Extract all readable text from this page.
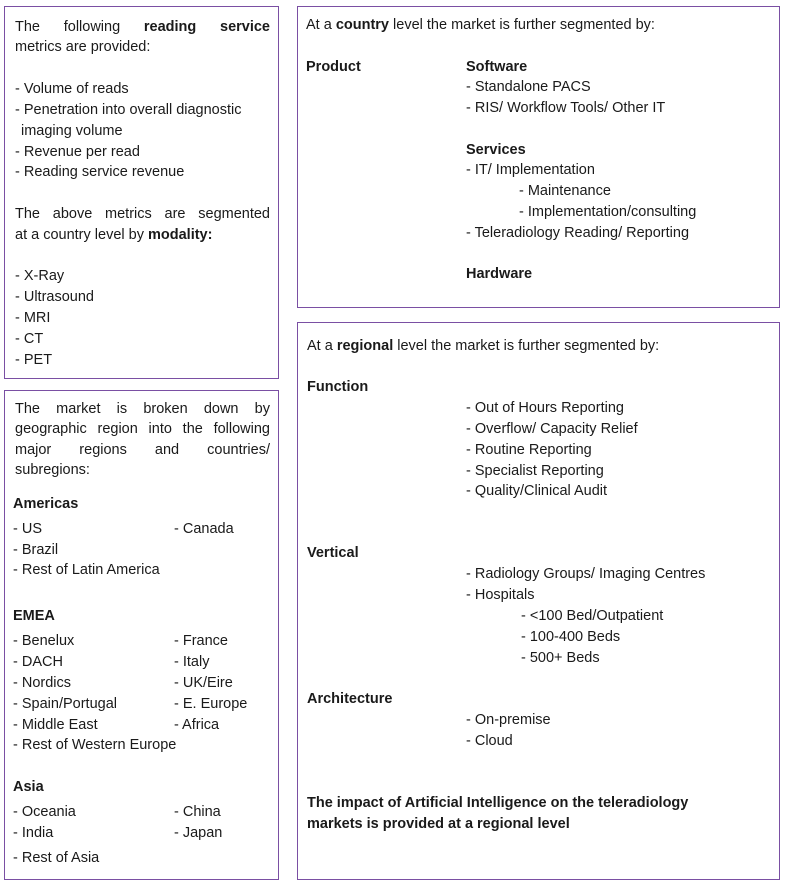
The following reading service
metrics are provided:
- Volume of reads
- Penetration into overall diagnostic
imaging volume
- Revenue per read
- Reading service revenue
The above metrics are segmented
at a country level by modality:
- X-Ray
- Ultrasound
- MRI
- CT
- PET
The market is broken down by
geographic region into the following
major regions and countries/
subregions:
Americas
- US
- Brazil
- Rest of Latin America
- Canada
EMEA
- Benelux
- DACH
- Nordics
- Spain/Portugal
- Middle East
- Rest of Western Europe
- France
- Italy
- UK/Eire
- E. Europe
- Africa
Asia
- Oceania
- India
- Rest of Asia
- China
- Japan
At a country level the market is further segmented by:
Product	Software
- Standalone PACS
- RIS/ Workflow Tools/ Other IT
Services
- IT/ Implementation
- Maintenance
- Implementation/consulting
- Teleradiology Reading/ Reporting
Hardware
At a regional level the market is further segmented by:
Function
- Out of Hours Reporting
- Overflow/ Capacity Relief
- Routine Reporting
- Specialist Reporting
- Quality/Clinical Audit
Vertical
- Radiology Groups/ Imaging Centres
- Hospitals
- <100 Bed/Outpatient
- 100-400 Beds
- 500+ Beds
Architecture
- On-premise
- Cloud
The impact of Artificial Intelligence on the teleradiology
markets is provided at a regional level
